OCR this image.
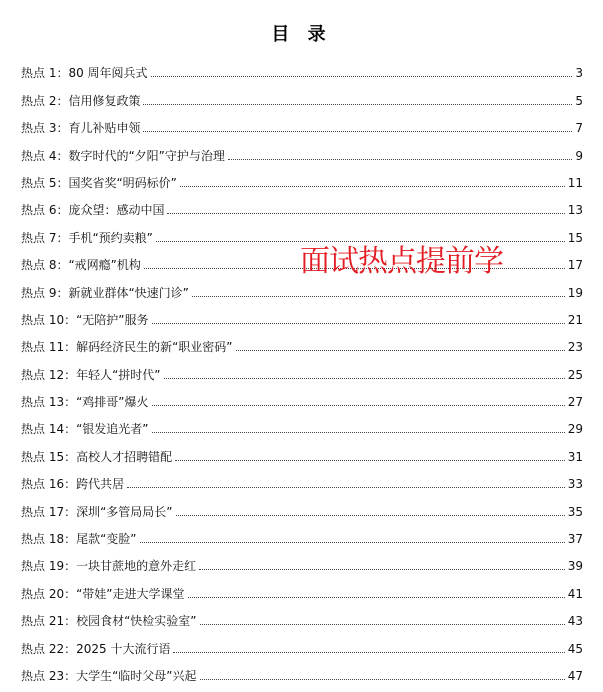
目 录
热点 1：80 周年阅兵式	3
热点 2：信用修复政策	5
热点 3：育儿补贴申领	7
热点 4：数字时代的“夕阳”守护与治理	9
热点 5：国奖省奖“明码标价”	11
热点 6：庞众望：感动中国	13
热点 7：手机“预约卖粮”	15
热点 8：“戒网瘾”机构	17
热点 9：新就业群体“快速门诊”	19
热点 10：“无陪护”服务	21
热点 11：解码经济民生的新“职业密码”	23
热点 12：年轻人“拼时代”	25
热点 13：“鸡排哥”爆火	27
热点 14：“银发追光者”	29
热点 15：高校人才招聘错配	31
热点 16：跨代共居	33
热点 17：深圳“多管局局长”	35
热点 18：尾款“变脸”	37
热点 19：一块甘蔗地的意外走红	39
热点 20：“带娃”走进大学课堂	41
热点 21：校园食材“快检实验室”	43
热点 22：2025 十大流行语	45
热点 23：大学生“临时父母”兴起	47
面试热点提前学
